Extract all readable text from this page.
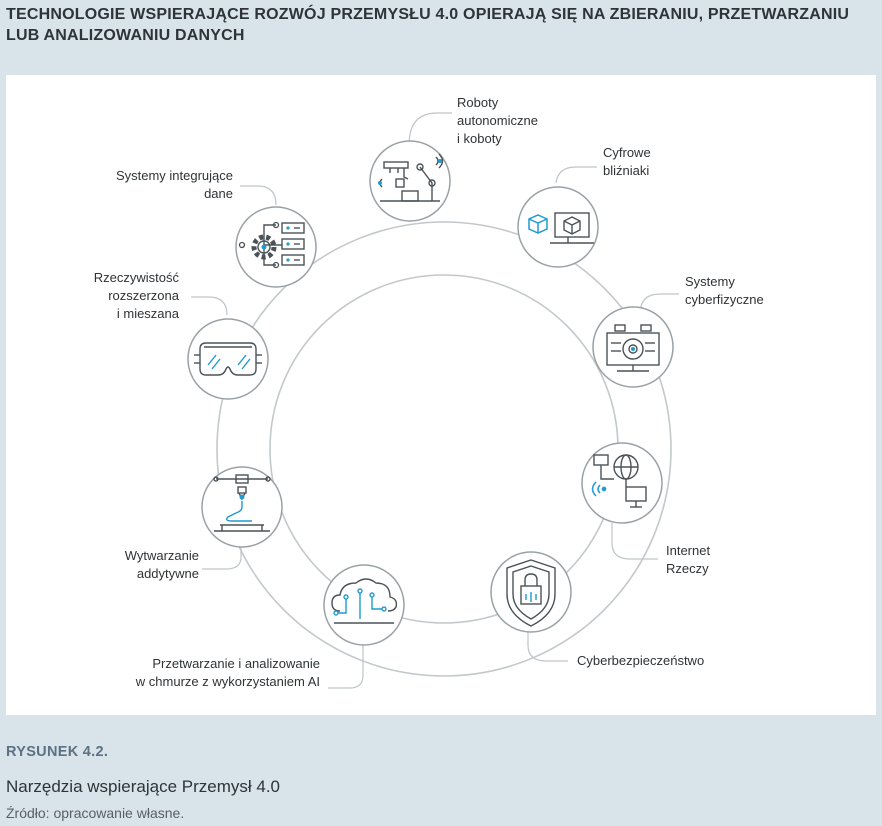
TECHNOLOGIE WSPIERAJĄCE ROZWÓJ PRZEMYSŁU 4.0 OPIERAJĄ SIĘ NA ZBIERANIU, PRZETWARZANIU LUB ANALIZOWANIU DANYCH
Roboty
autonomiczne
i koboty
Cyfrowe
bliźniaki
Systemy
cyberfizyczne
Internet
Rzeczy
Cyberbezpieczeństwo
Przetwarzanie i analizowanie
w chmurze z wykorzystaniem AI
Wytwarzanie
addytywne
Rzeczywistość
rozszerzona
i mieszana
Systemy integrujące
dane
RYSUNEK 4.2.
Narzędzia wspierające Przemysł 4.0
Źródło: opracowanie własne.
